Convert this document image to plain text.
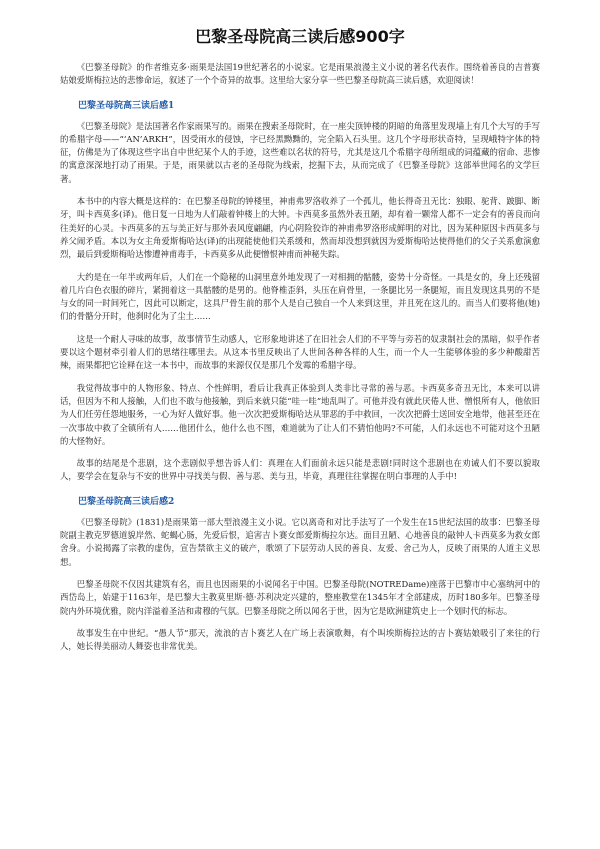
巴黎圣母院高三读后感900字

《巴黎圣母院》的作者维克多·雨果是法国19世纪著名的小说家。它是雨果浪漫主义小说的著名代表作。围绕着善良的吉普赛姑娘爱斯梅拉达的悲惨命运，叙述了一个个奇异的故事。这里给大家分享一些巴黎圣母院高三读后感，欢迎阅读！

巴黎圣母院高三读后感1

《巴黎圣母院》是法国著名作家雨果写的。雨果在搜索圣母院时，在一座尖顶钟楼的阴暗的角落里发现墙上有几个大写的手写的希腊字母——“‘AN’ARKH”，因受雨水的侵蚀，字已经黑黝黝的，完全陷入石头里。这几个字母形状奇特，呈现峨特字体的特征，仿佛是为了体现这些字出自中世纪某个人的手迹，这些难以名状的符号，尤其是这几个希腊字母所组成的词蕴藏的宿命、悲惨的寓意深深地打动了雨果。于是，雨果就以古老的圣母院为线索，挖掘下去，从而完成了《巴黎圣母院》这部举世闻名的文学巨著。

本书中的内容大概是这样的：在巴黎圣母院的钟楼里，神甫弗罗洛收养了一个孤儿，他长得奇丑无比：独眼、驼背、跛脚、断牙，叫卡西莫多(译)。他日复一日地为人们敲着钟楼上的大钟。卡西莫多虽然外表丑陋，却有着一颗常人都不一定会有的善良而向往美好的心灵。卡西莫多的五与美正好与那外表风度翩翩，内心阴险狡诈的神甫弗罗洛形成鲜明的对比，因为某种原因卡西莫多与养父闹矛盾。本以为女主角爱斯梅哈达(译)的出现能使他们关系缓和，然而却没想到就因为爱斯梅哈达使得他们的父子关系愈演愈烈，最后到爱斯梅哈达惨遭神甫毒手，卡西莫多从此便憎恨神甫而神秘失踪。

大约是在一年半或两年后，人们在一个隐秘的山洞里意外地发现了一对相拥的骷髅，姿势十分奇怪。一具是女的，身上还残留着几片白色衣服的碎片，紧拥着这一具骷髅的是男的。他脊椎歪斜，头压在肩骨里，一条腿比另一条腿短，而且发现这具男的不是与女的同一时间死亡，因此可以断定，这具尸骨生前的那个人是自己独自一个人来到这里，并且死在这儿的。而当人们要将他(她)们的骨骼分开时，他刹时化为了尘土……

这是一个耐人寻味的故事，故事情节生动感人，它形象地讲述了在旧社会人们的不平等与旁若的奴隶制社会的黑暗，似乎作者要以这个题材牵引着人们的思绪往哪里去。从这本书里反映出了人世间各种各样的人生，而一个人一生能够体验的多少种酸甜苦辣，雨果都把它诠释在这一本书中，而故事的来源仅仅是那几个发霉的希腊字母。

我觉得故事中的人物形象、特点、个性鲜明，看后让我真正体验到人类非比寻常的善与恶。卡西莫多奇丑无比，本来可以讲话，但因为不和人接触，人们也不敢与他接触，到后来就只能“哇一哇”地乱叫了。可他并没有就此厌倦人世、憎恨所有人，他依旧为人们任劳任怨地服务，一心为好人做好事。他一次次把爱斯梅哈达从罪恶的手中救回，一次次把爵士送回安全地带，他甚至还在一次事故中救了全镇所有人……他团什么，他什么也不图，难道就为了让人们不猜怕他吗?不可能，人们永远也不可能对这个丑陋的大怪物好。

故事的结尾是个悲剧，这个悲剧似乎想告诉人们：真理在人们面前永远只能是悲剧!同时这个悲剧也在劝诫人们不要以貌取人，要学会在复杂与不安的世界中寻找美与假、善与恶、美与丑，毕竟，真理往往掌握在明白事理的人手中!

巴黎圣母院高三读后感2

《巴黎圣母院》(1831)是雨果第一部大型浪漫主义小说。它以离奇和对比手法写了一个发生在15世纪法国的故事：巴黎圣母院副主教克罗德道貌岸然、蛇蝎心肠，先爱后恨，追害吉卜赛女郎爱斯梅拉尔达。面目丑陋、心地善良的敲钟人卡西莫多为救女郎舍身。小说揭露了宗教的虚伪，宣告禁欲主义的破产，歌颂了下层劳动人民的善良、友爱、舍己为人，反映了雨果的人道主义思想。

巴黎圣母院不仅因其建筑有名，而且也因雨果的小说闻名于中国。巴黎圣母院(NOTREDame)座落于巴黎市中心塞纳河中的西岱岛上，始建于1163年，是巴黎大主教莫里斯·德·苏利决定兴建的，整座教堂在1345年才全部建成，历时180多年。巴黎圣母院内外环境优雅，院内洋溢着圣洁和肃穆的气氛。巴黎圣母院之所以闻名于世，因为它是欧洲建筑史上一个划时代的标志。

故事发生在中世纪。“愚人节”那天，流浪的吉卜赛艺人在广场上表演歌舞，有个叫埃斯梅拉达的吉卜赛姑娘吸引了来往的行人，她长得美丽动人舞姿也非常优美。
